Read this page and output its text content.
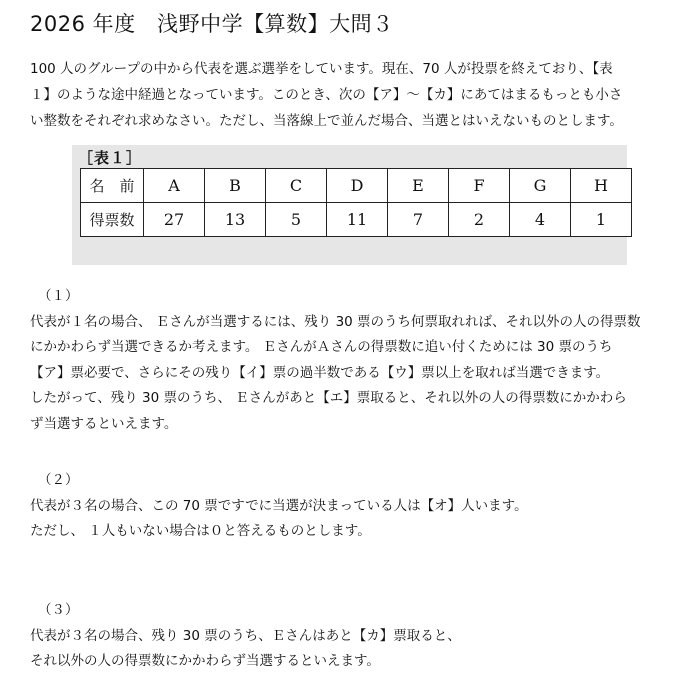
2026 年度　浅野中学【算数】大問３

100 人のグループの中から代表を選ぶ選挙をしています。現在、70 人が投票を終えており、【表

１】のような途中経過となっています。このとき、次の【ア】～【カ】にあてはまるもっとも小さ

い整数をそれぞれ求めなさい。ただし、当落線上で並んだ場合、当選とはいえないものとします。

［表１］
名　前	A	B	C	D	E	F	G	H
得票数	27	13	5	11	7	2	4	1

（１）

代表が１名の場合、 Ｅさんが当選するには、残り 30 票のうち何票取れれば、それ以外の人の得票数

にかかわらず当選できるか考えます。 ＥさんがＡさんの得票数に追い付くためには 30 票のうち

【ア】票必要で、さらにその残り【イ】票の過半数である【ウ】票以上を取れば当選できます。

したがって、残り 30 票のうち、 Ｅさんがあと【エ】票取ると、それ以外の人の得票数にかかわら

ず当選するといえます。

（２）

代表が３名の場合、この 70 票ですでに当選が決まっている人は【オ】人います。

ただし、 １人もいない場合は０と答えるものとします。

（３）

代表が３名の場合、残り 30 票のうち、Ｅさんはあと【カ】票取ると、

それ以外の人の得票数にかかわらず当選するといえます。
